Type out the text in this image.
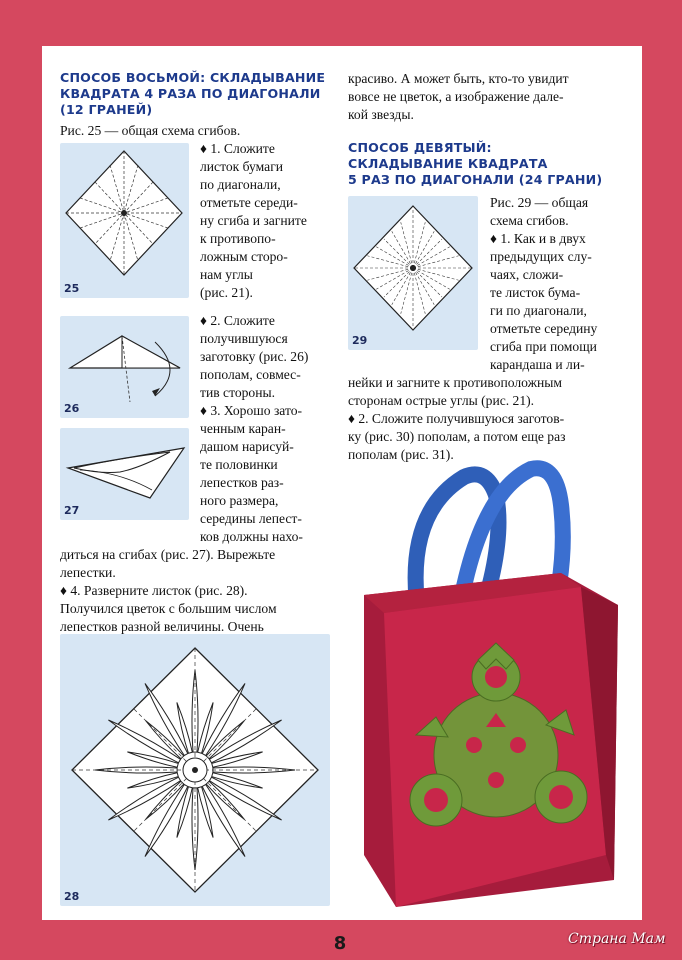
СПОСОБ ВОСЬМОЙ: СКЛАДЫВАНИЕ
КВАДРАТА 4 РАЗА ПО ДИАГОНАЛИ
(12 ГРАНЕЙ)
Рис. 25 — общая схема сгибов.
25
♦ 1. Сложите
листок бумаги
по диагонали,
отметьте середи-
ну сгиба и загните
к противопо-
ложным сторо-
нам углы
(рис. 21).
26
27
♦ 2. Сложите
получившуюся
заготовку (рис. 26)
пополам, совмес-
тив стороны.
♦ 3. Хорошо зато-
ченным каран-
дашом нарисуй-
те половинки
лепестков раз-
ного размера,
середины лепест-
ков должны нахо-
диться на сгибах (рис. 27). Вырежьте
лепестки.
♦ 4. Разверните листок (рис. 28).
Получился цветок с большим числом
лепестков разной величины. Очень
28
красиво. А может быть, кто-то увидит
вовсе не цветок, а изображение дале-
кой звезды.
СПОСОБ ДЕВЯТЫЙ:
СКЛАДЫВАНИЕ КВАДРАТА
5 РАЗ ПО ДИАГОНАЛИ (24 ГРАНИ)
29
Рис. 29 — общая
схема сгибов.
♦ 1. Как и в двух
предыдущих слу-
чаях, сложи-
те листок бума-
ги по диагонали,
отметьте середину
сгиба при помощи
карандаша и ли-
нейки и загните к противоположным
сторонам острые углы (рис. 21).
♦ 2. Сложите получившуюся заготов-
ку (рис. 30) пополам, а потом еще раз
пополам (рис. 31).
8	Страна Мам
